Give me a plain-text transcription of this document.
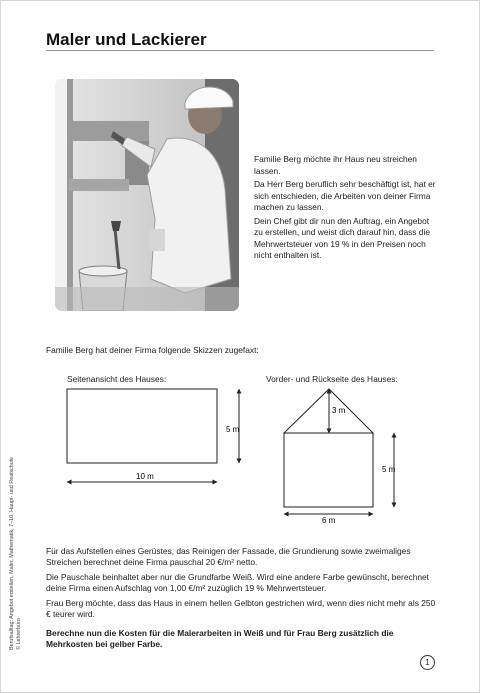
Maler und Lackierer

Familie Berg möchte ihr Haus neu streichen lassen.

Da Herr Berg beruflich sehr beschäftigt ist, hat er sich entschieden, die Arbeiten von deiner Firma machen zu lassen.

Dein Chef gibt dir nun den Auftrag, ein Angebot zu erstellen, und weist dich darauf hin, dass die Mehrwertsteuer von 19 % in den Preisen noch nicht enthalten ist.

Familie Berg hat deiner Firma folgende Skizzen zugefaxt:
Seitenansicht des Hauses:	Vorder- und Rückseite des Hauses:
5 m
10 m
3 m
5 m
6 m

Für das Aufstellen eines Gerüstes, das Reinigen der Fassade, die Grundierung sowie zweimaliges Streichen berechnet deine Firma pauschal 20 €/m² netto.

Die Pauschale beinhaltet aber nur die Grundfarbe Weiß. Wird eine andere Farbe gewünscht, berechnet deine Firma einen Aufschlag von 1,00 €/m² zuzüglich 19 % Mehrwertsteuer.

Frau Berg möchte, dass das Haus in einem hellen Gelbton gestrichen wird, wenn dies nicht mehr als 250 € teurer wird.

Berechne nun die Kosten für die Malerarbeiten in Weiß und für Frau Berg zusätzlich die Mehrkosten bei gelber Farbe.
Berufsalltag: Angebot erstellen, Maler, Mathematik, 7–10, Haupt- und Realschule © Lehrerbüro
1
